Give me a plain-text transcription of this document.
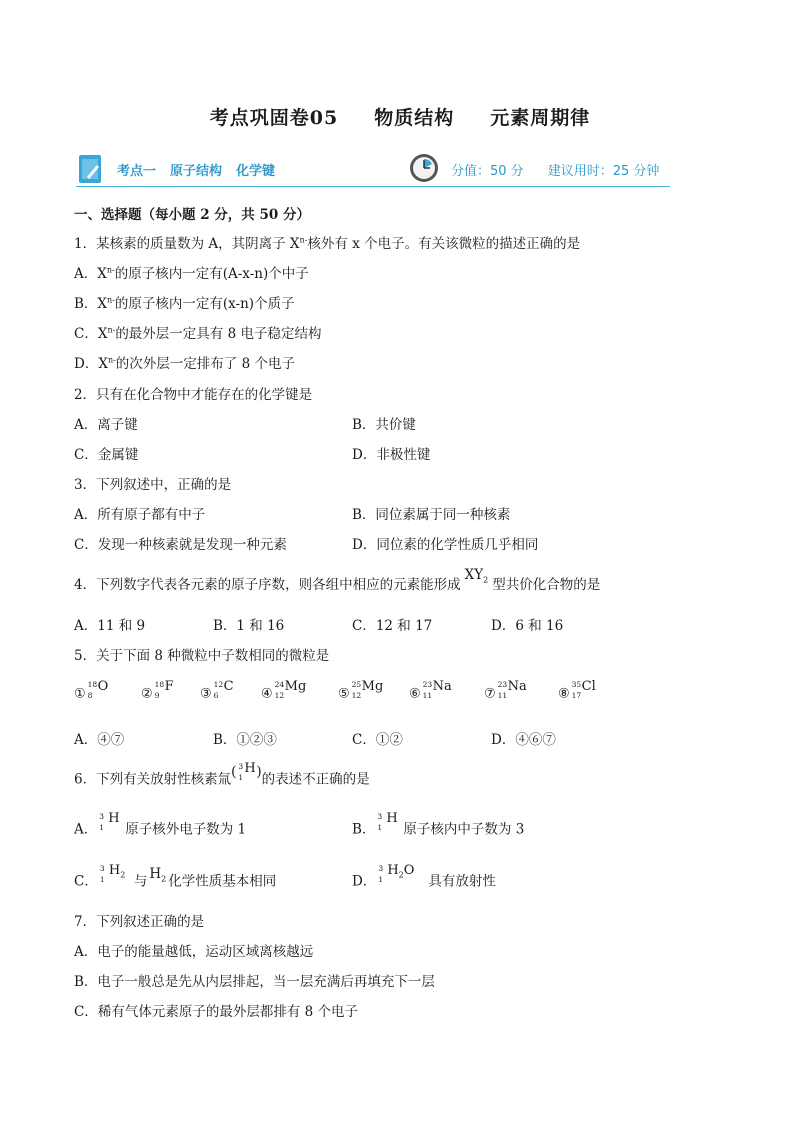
考点巩固卷05 物质结构 元素周期律
考点一 原子结构 化学键	分值：50 分 建议用时：25 分钟
一、选择题（每小题 2 分，共 50 分）
1．某核素的质量数为 A，其阴离子 $X^{n-}$核外有 x 个电子。有关该微粒的描述正确的是
A．$X^{n-}$的原子核内一定有(A-x-n)个中子
B．$X^{n-}$的原子核内一定有(x-n)个质子
C．$X^{n-}$的最外层一定具有 8 电子稳定结构
D．$X^{n-}$的次外层一定排布了 8 个电子
2．只有在化合物中才能存在的化学键是
A．离子键	B．共价键
C．金属键	D．非极性键
3．下列叙述中，正确的是
A．所有原子都有中子	B．同位素属于同一种核素
C．发现一种核素就是发现一种元素	D．同位素的化学性质几乎相同
4．下列数字代表各元素的原子序数，则各组中相应的元素能形成$XY_2$ 型共价化合物的是
A．11 和 9	B．1 和 16	C．12 和 17	D．6 和 16
5．关于下面 8 种微粒中子数相同的微粒是
①
18
8
O	②
18
9
F ③
12
6
C ④
24
12
Mg ⑤
25
12
Mg ⑥
23
11
Na ⑦
23
11
Na ⑧
35
17
Cl
A．④⑦	B．①②③	C．①②	D．④⑥⑦
6．下列有关放射性核素氚( 3
1
H )的表述不正确的是
A．
3
1
H
原子核外电子数为 1	B．
3
1
H
原子核内中子数为 3
C．
3
1
$H_2$ 与 $H_2$ 化学性质基本相同	D．
3
1
$H_2O$
具有放射性
7．下列叙述正确的是
A．电子的能量越低，运动区域离核越远
B．电子一般总是先从内层排起，当一层充满后再填充下一层
C．稀有气体元素原子的最外层都排有 8 个电子
